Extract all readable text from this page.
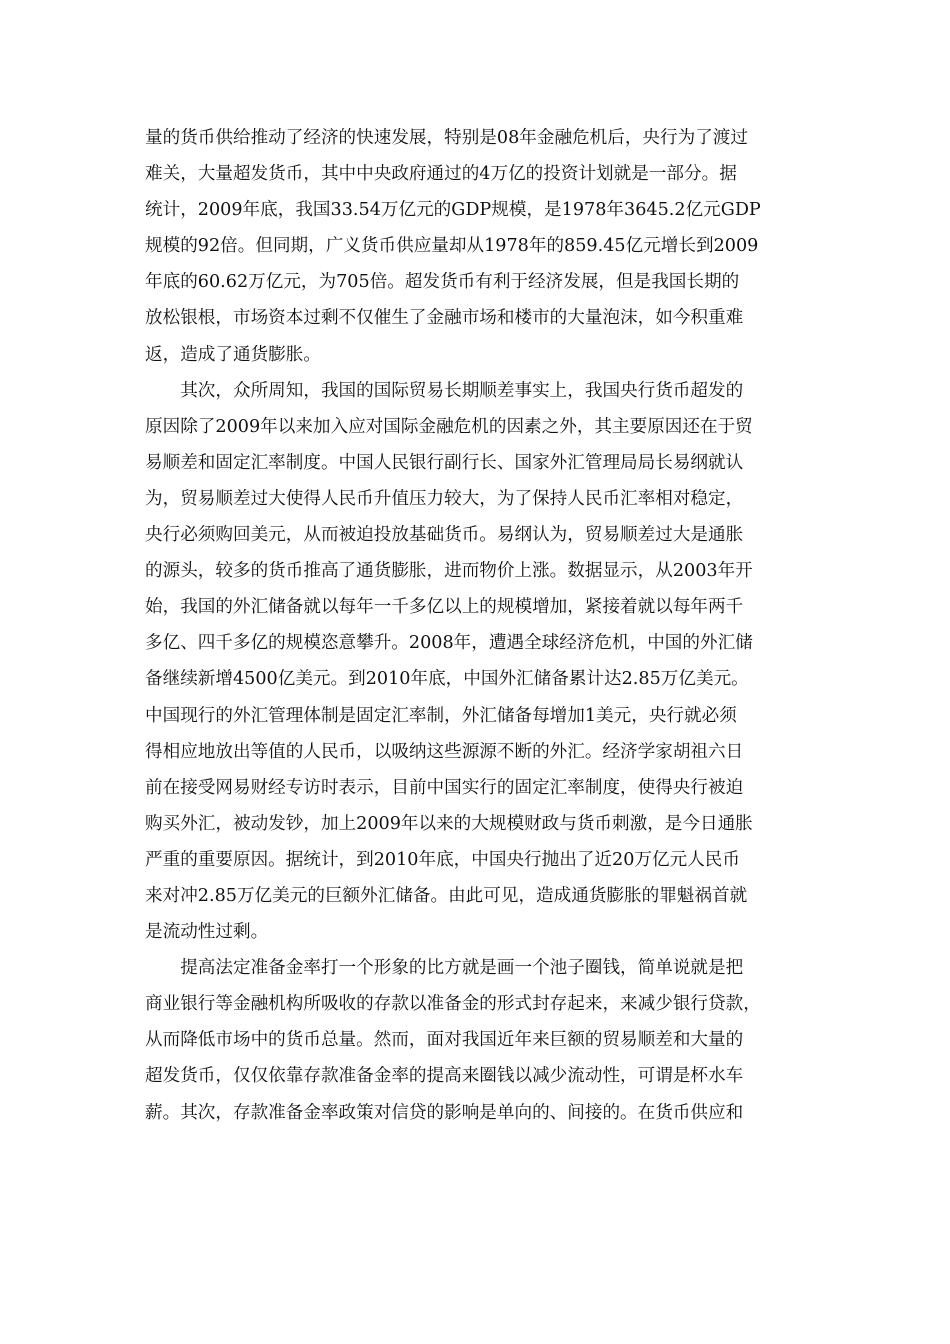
量的货币供给推动了经济的快速发展，特别是08年金融危机后，央行为了渡过
难关，大量超发货币，其中中央政府通过的4万亿的投资计划就是一部分。据
统计，2009年底，我国33.54万亿元的GDP规模，是1978年3645.2亿元GDP
规模的92倍。但同期，广义货币供应量却从1978年的859.45亿元增长到2009
年底的60.62万亿元，为705倍。超发货币有利于经济发展，但是我国长期的
放松银根，市场资本过剩不仅催生了金融市场和楼市的大量泡沫，如今积重难
返，造成了通货膨胀。
　　其次，众所周知，我国的国际贸易长期顺差事实上，我国央行货币超发的
原因除了2009年以来加入应对国际金融危机的因素之外，其主要原因还在于贸
易顺差和固定汇率制度。中国人民银行副行长、国家外汇管理局局长易纲就认
为，贸易顺差过大使得人民币升值压力较大，为了保持人民币汇率相对稳定，
央行必须购回美元，从而被迫投放基础货币。易纲认为，贸易顺差过大是通胀
的源头，较多的货币推高了通货膨胀，进而物价上涨。数据显示，从2003年开
始，我国的外汇储备就以每年一千多亿以上的规模增加，紧接着就以每年两千
多亿、四千多亿的规模恣意攀升。2008年，遭遇全球经济危机，中国的外汇储
备继续新增4500亿美元。到2010年底，中国外汇储备累计达2.85万亿美元。
中国现行的外汇管理体制是固定汇率制，外汇储备每增加1美元，央行就必须
得相应地放出等值的人民币，以吸纳这些源源不断的外汇。经济学家胡祖六日
前在接受网易财经专访时表示，目前中国实行的固定汇率制度，使得央行被迫
购买外汇，被动发钞，加上2009年以来的大规模财政与货币刺激，是今日通胀
严重的重要原因。据统计，到2010年底，中国央行抛出了近20万亿元人民币
来对冲2.85万亿美元的巨额外汇储备。由此可见，造成通货膨胀的罪魁祸首就
是流动性过剩。
　　提高法定准备金率打一个形象的比方就是画一个池子圈钱，简单说就是把
商业银行等金融机构所吸收的存款以准备金的形式封存起来，来减少银行贷款，
从而降低市场中的货币总量。然而，面对我国近年来巨额的贸易顺差和大量的
超发货币，仅仅依靠存款准备金率的提高来圈钱以减少流动性，可谓是杯水车
薪。其次，存款准备金率政策对信贷的影响是单向的、间接的。在货币供应和
